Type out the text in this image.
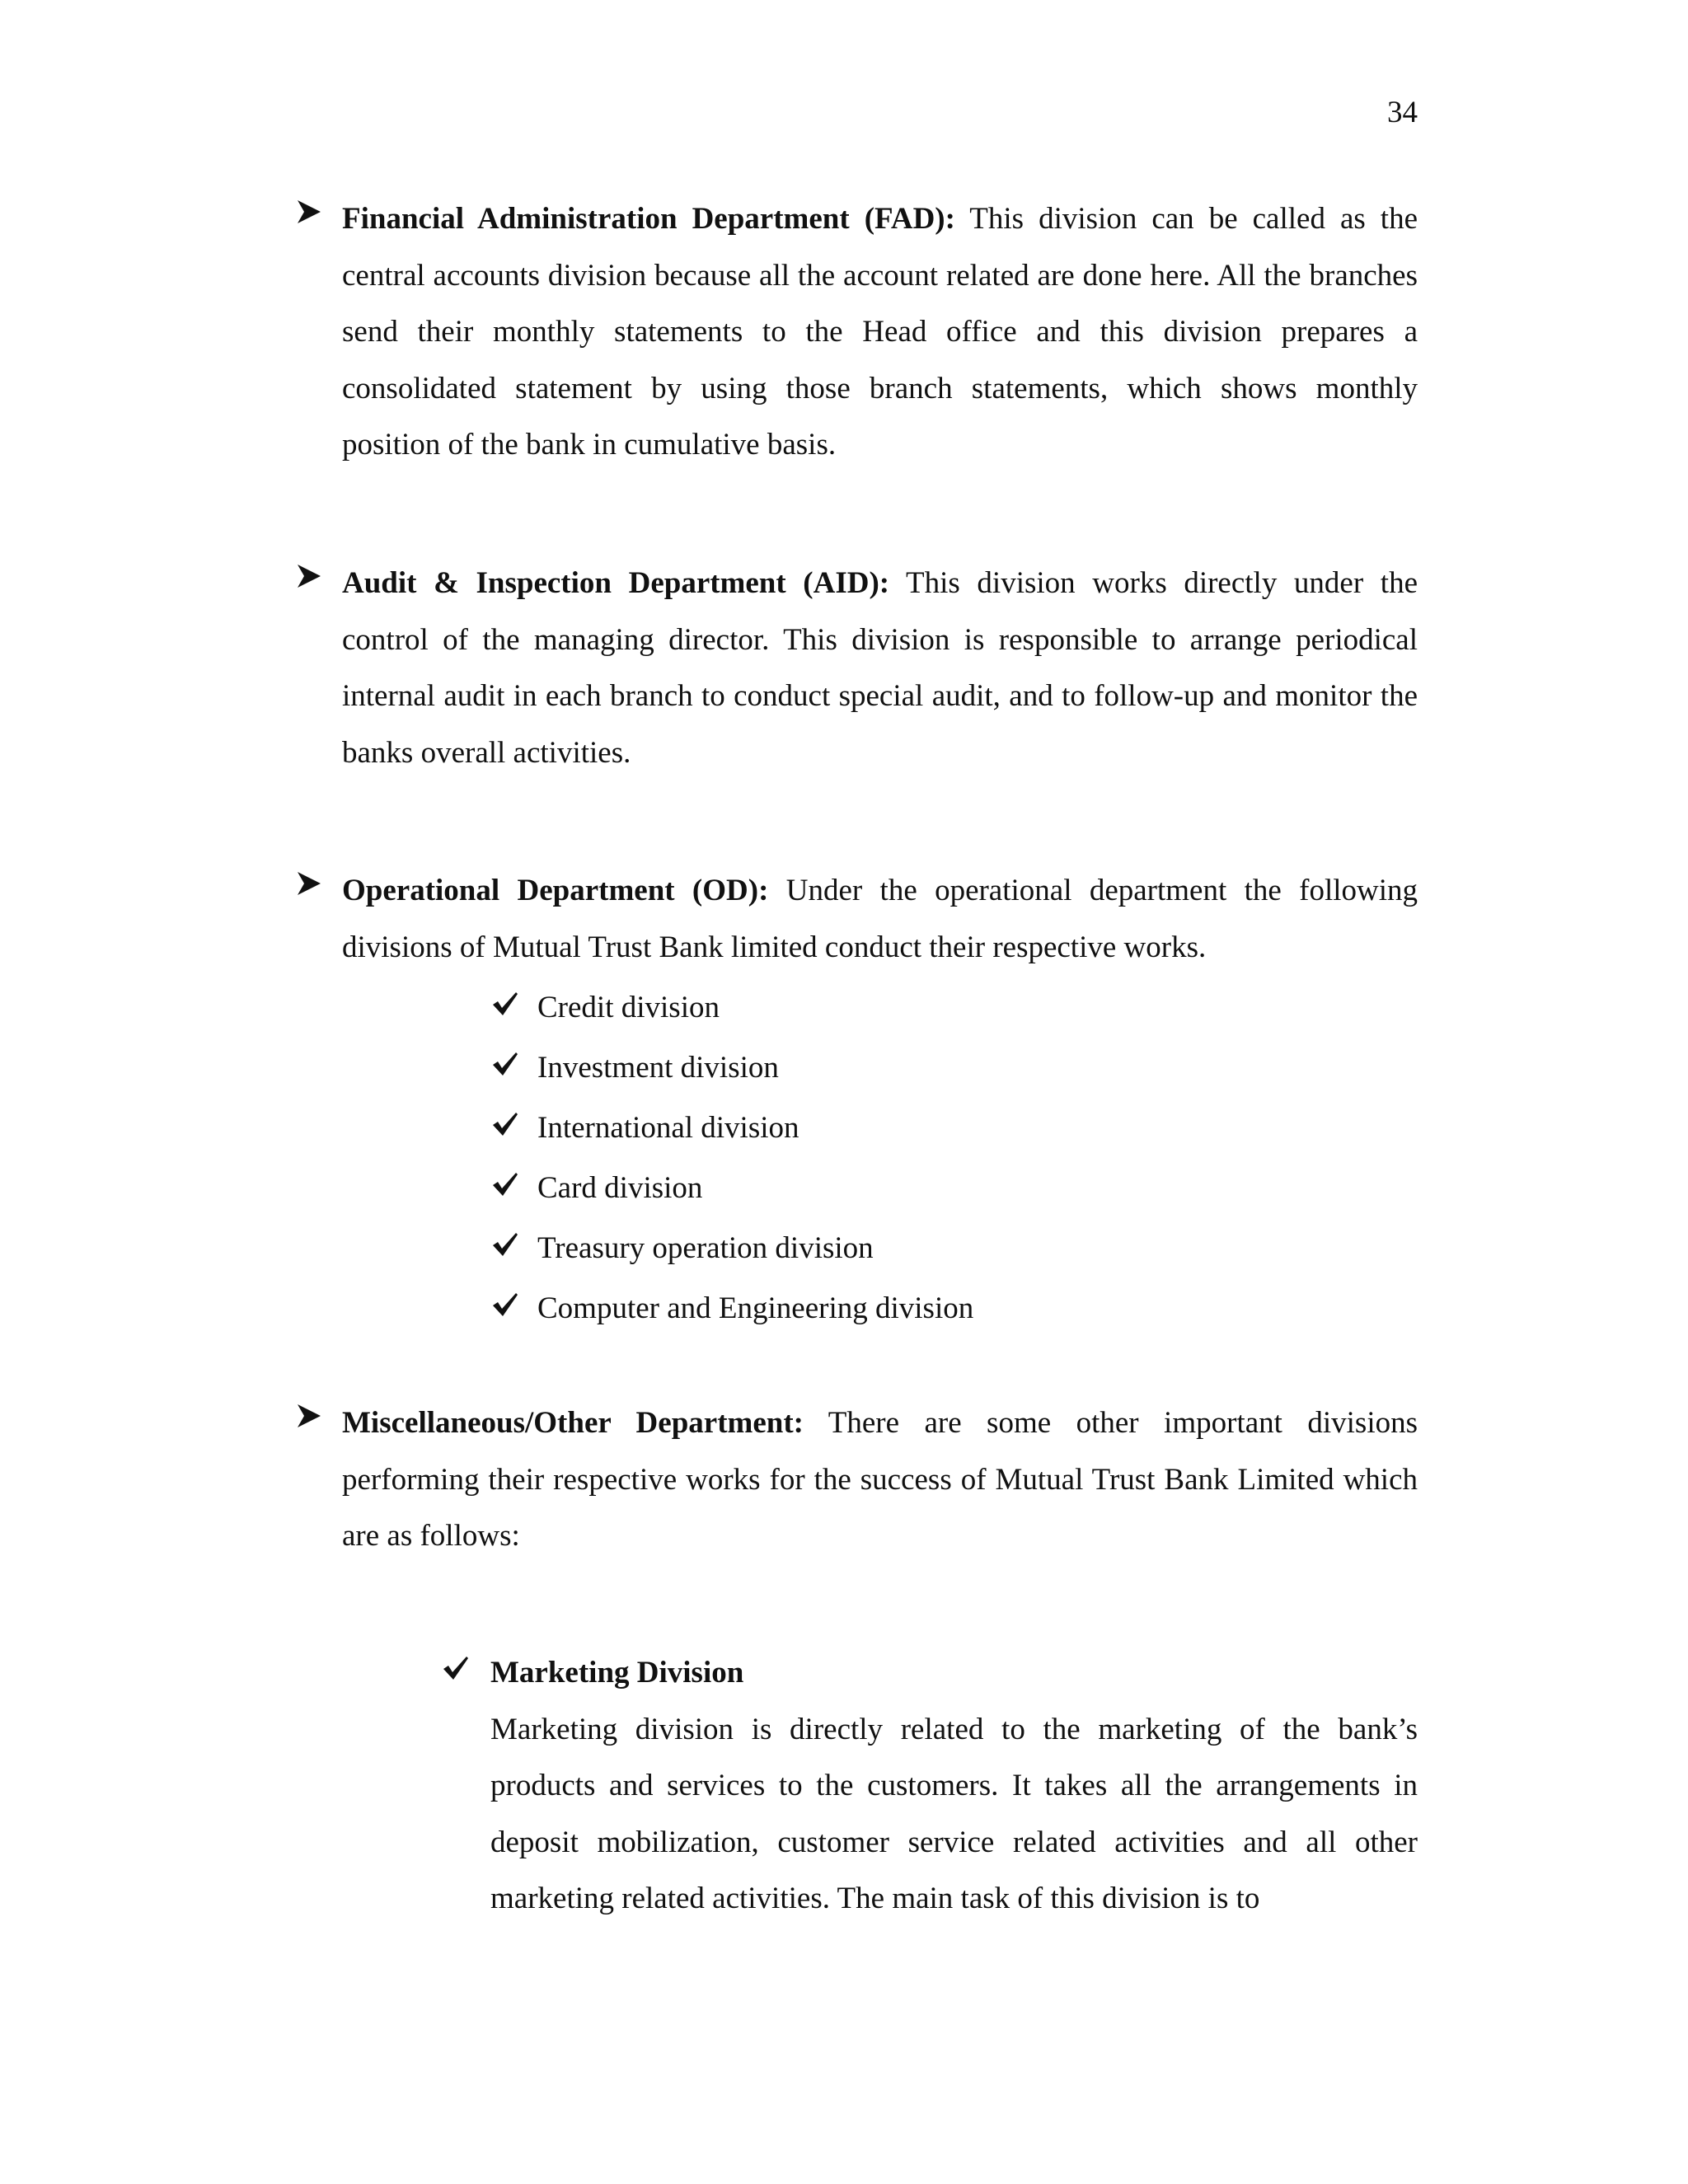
34

Financial Administration Department (FAD): This division can be called as the central accounts division because all the account related are done here. All the branches send their monthly statements to the Head office and this division prepares a consolidated statement by using those branch statements, which shows monthly position of the bank in cumulative basis.

Audit & Inspection Department (AID): This division works directly under the control of the managing director. This division is responsible to arrange periodical internal audit in each branch to conduct special audit, and to follow-up and monitor the banks overall activities.

Operational Department (OD): Under the operational department the following divisions of Mutual Trust Bank limited conduct their respective works.

Credit division
Investment division
International division
Card division
Treasury operation division
Computer and Engineering division

Miscellaneous/Other Department: There are some other important divisions performing their respective works for the success of Mutual Trust Bank Limited which are as follows:

Marketing Division

Marketing division is directly related to the marketing of the bank’s products and services to the customers. It takes all the arrangements in deposit mobilization, customer service related activities and all other marketing related activities. The main task of this division is to
